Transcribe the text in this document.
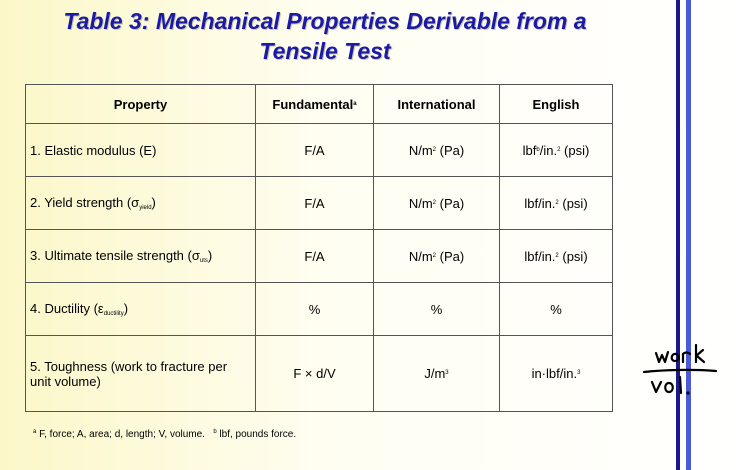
Table 3: Mechanical Properties Derivable from a
Tensile Test
Property	Fundamental$^a$	International	English
1. Elastic modulus (E)	F/A	$N/m^2$ (Pa)	lbf$^b$/in.$^2$ (psi)
2. Yield strength $(\sigma_{yield})$	F/A	$N/m^2$ (Pa)	lbf/in.$^2$ (psi)
3. Ultimate tensile strength $(\sigma_{uts})$	F/A	$N/m^2$ (Pa)	lbf/in.$^2$ (psi)
4. Ductility $(\varepsilon_{ductility})$	%	%	%
5. Toughness (work to fracture per unit volume)	F × d/V	$J/m^3$	in·lbf/in.$^3$
$^a$ F, force; A, area; d, length; V, volume. $^b$ lbf, pounds force.
workvol.
